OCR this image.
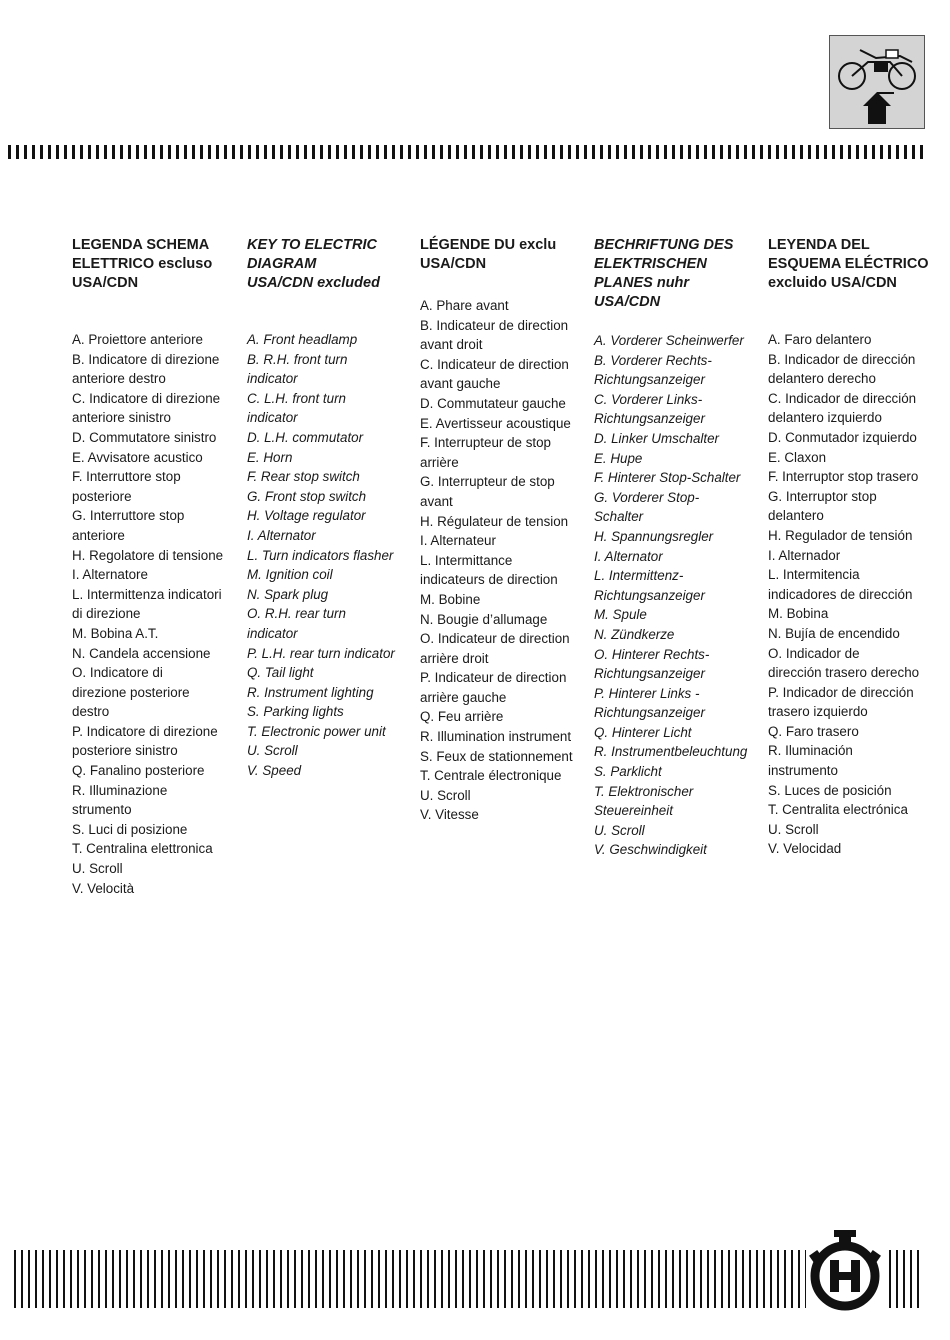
LEGENDA SCHEMA
ELETTRICO escluso
USA/CDN
A. Proiettore anteriore
B. Indicatore di direzione
anteriore destro
C. Indicatore di direzione
anteriore sinistro
D. Commutatore sinistro
E. Avvisatore acustico
F. Interruttore stop
posteriore
G. Interruttore stop
anteriore
H. Regolatore di tensione
I. Alternatore
L. Intermittenza indicatori
di direzione
M. Bobina A.T.
N. Candela accensione
O. Indicatore di
direzione posteriore
destro
P. Indicatore di direzione
posteriore sinistro
Q. Fanalino posteriore
R. Illuminazione
strumento
S. Luci di posizione
T. Centralina elettronica
U. Scroll
V. Velocità
KEY TO ELECTRIC
DIAGRAM
USA/CDN excluded
A. Front headlamp
B. R.H. front turn
indicator
C. L.H. front turn
indicator
D. L.H. commutator
E. Horn
F. Rear stop switch
G. Front stop switch
H. Voltage regulator
I. Alternator
L. Turn indicators flasher
M. Ignition coil
N. Spark plug
O. R.H. rear turn
indicator
P. L.H. rear turn indicator
Q. Tail light
R. Instrument lighting
S. Parking lights
T. Electronic power unit
U. Scroll
V. Speed
LÉGENDE DU exclu
USA/CDN
A. Phare avant
B. Indicateur de direction
avant droit
C. Indicateur de direction
avant gauche
D. Commutateur gauche
E. Avertisseur acoustique
F. Interrupteur de stop
arrière
G. Interrupteur de stop
avant
H. Régulateur de tension
I. Alternateur
L. Intermittance
indicateurs de direction
M. Bobine
N. Bougie d’allumage
O. Indicateur de direction
arrière droit
P. Indicateur de direction
arrière gauche
Q. Feu arrière
R. Illumination instrument
S. Feux de stationnement
T. Centrale électronique
U. Scroll
V. Vitesse
BECHRIFTUNG DES
ELEKTRISCHEN
PLANES nuhr
USA/CDN
A. Vorderer Scheinwerfer
B. Vorderer Rechts-
Richtungsanzeiger
C. Vorderer Links-
Richtungsanzeiger
D. Linker Umschalter
E. Hupe
F. Hinterer Stop-Schalter
G. Vorderer Stop-
Schalter
H. Spannungsregler
I. Alternator
L. Intermittenz-
Richtungsanzeiger
M. Spule
N. Zündkerze
O. Hinterer Rechts-
Richtungsanzeiger
P. Hinterer Links -
Richtungsanzeiger
Q. Hinterer Licht
R. Instrumentbeleuchtung
S. Parklicht
T. Elektronischer
Steuereinheit
U. Scroll
V. Geschwindigkeit
LEYENDA DEL
ESQUEMA ELÉCTRICO
excluido USA/CDN
A. Faro delantero
B. Indicador de dirección
delantero derecho
C. Indicador de dirección
delantero izquierdo
D. Conmutador izquierdo
E. Claxon
F. Interruptor stop trasero
G. Interruptor stop
delantero
H. Regulador de tensión
I. Alternador
L. Intermitencia
indicadores de dirección
M. Bobina
N. Bujía de encendido
O. Indicador de
dirección trasero derecho
P. Indicador de dirección
trasero izquierdo
Q. Faro trasero
R. Iluminación
instrumento
S. Luces de posición
T. Centralita electrónica
U. Scroll
V. Velocidad
